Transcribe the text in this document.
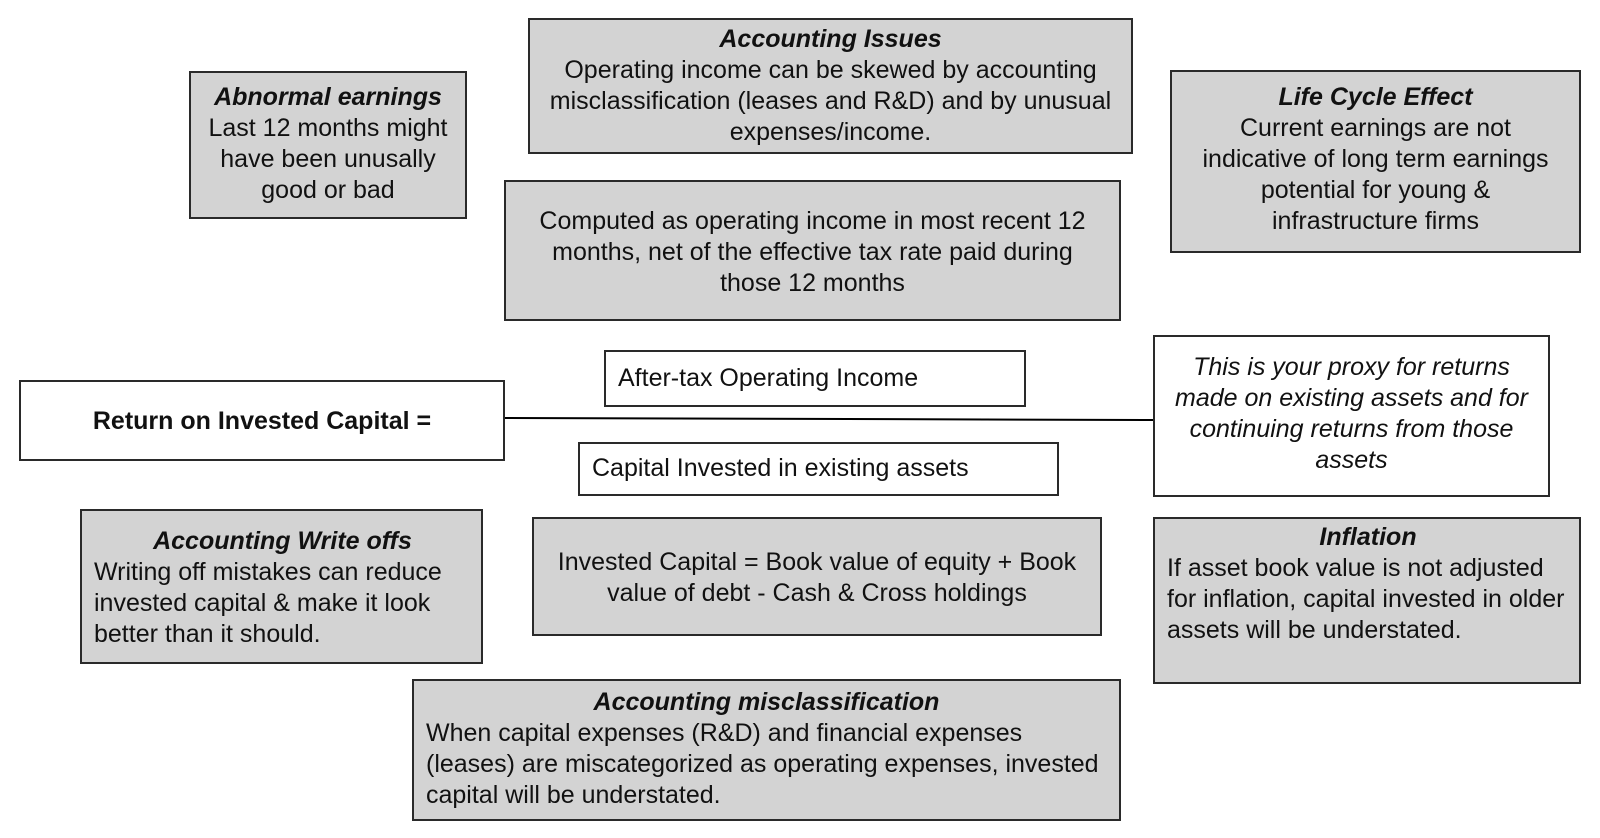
Abnormal earnings
Last 12 months might have been unusally good or bad
Accounting Issues
Operating income can be skewed by accounting misclassification (leases and R&D) and by unusual expenses/income.
Life Cycle Effect
Current earnings are not indicative of long term earnings potential for young & infrastructure firms
Computed as operating income in most recent 12 months, net of the effective tax rate paid during those 12 months
After-tax Operating Income
Return on Invested Capital =
This is your proxy for returns made on existing assets and for continuing returns from those assets
Capital Invested in existing assets
Accounting Write offs
Writing off mistakes can reduce invested capital & make it look better than it should.
Invested Capital = Book value of equity + Book value of debt - Cash & Cross holdings
Inflation
If asset book value is not adjusted for inflation, capital invested in older assets will be understated.
Accounting misclassification
When capital expenses (R&D) and financial expenses (leases) are miscategorized as operating expenses, invested capital will be understated.
